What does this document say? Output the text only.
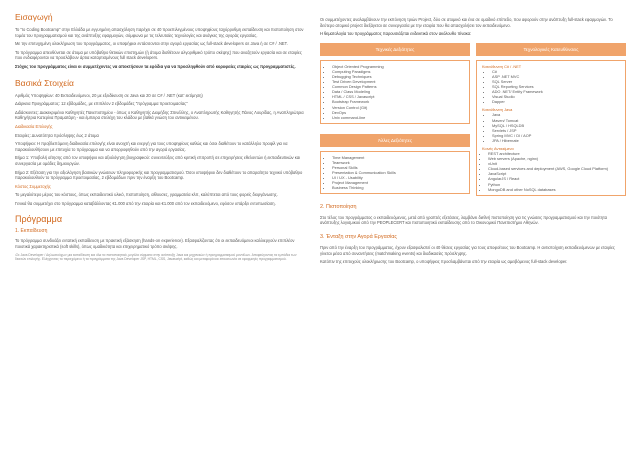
Εισαγωγή

Το "Io Coding Bootcamp" στην Ελλάδα με εγγυημένη απασχόληση παρέχει σε 40 προεπιλεγμένους υποψηφίους ταχύρρυθμη εκπαίδευση και πιστοποίηση στον τομέα του προγραμματισμού και της ανάπτυξης εφαρμογών, σύμφωνα με τις τελευταίες τεχνολογίες και ανάγκες της αγοράς εργασίας.

Με την επιτυχημένη ολοκλήρωση του προγράμματος, οι υποψήφιοι εντάσσονται στην αγορά εργασίας ως full-stack developers σε Java ή σε C# / .NET.

Το πρόγραμμα απευθύνεται σε άτομα με υπόβαθρο θετικών επιστημών (ή άτομα διαθέτουν αλγοριθμικό τρόπο σκέψης) που αναζητούν εργασία και σε εταιρίες που ενδιαφέρονται να προσλάβουν άρτια καταρτισμένους full stack developers.

Στόχος του προγράμματος είναι οι συμμετέχοντες να αποκτήσουν τα εφόδια για να προσληφθούν από κορυφαίες εταιρίες ως προγραμματιστές.

Βασικά Στοιχεία

Αριθμός Υποψηφίων: 40 Εκπαιδευόμενοι, 20 με εξειδίκευση σε Java και 20 σε C# / .NET (κατ' εκτίμηση)

Διάρκεια Προγράμματος: 12 εβδομάδες, με επιπλέον 2 εβδομάδες "πρόγραμμα προετοιμασίας"

Διδάσκοντες: Διακεκριμένοι Καθηγητές Πανεπιστημίου - όπως ο Καθηγητής Διομήδης Σπινέλλης, ο Αναπληρωτής Καθηγητής Πάνος Λουρίδας, η Αναπληρώτρια Καθηγήτρια Κατερίνα Πραματάρη - και έμπειρα στελέχη του κλάδου με βαθιά γνώση του αντικειμένου.

Διαδικασία Επιλογής

Εταιρίες: Δυνατότητα πρόσληψης έως 2 άτομα

Υποψήφιοι: Η προβλεπόμενη διαδικασία επιλογής είναι ανοιχτή και ενεργή για τους υποψηφίους καθώς και όσοι διαθέτουν το κατάλληλο προφίλ για να παρακολουθήσουν με επιτυχία το πρόγραμμα και να απορροφηθούν από την αγορά εργασίας.

Βήμα 1: Υποβολή αίτησης από τον υποψήφιο και αξιολόγηση βιογραφικού: συνεντεύξεις από κριτική επιτροπή σε επιχειρήσεις εθελοντών ή εκπαιδευτικών και συνεργασία με ομάδες δημιουργών.

Βήμα 2: Εξέταση για την αξιολόγηση βασικών γνώσεων πληροφορικής και προγραμματισμού. Όσοι υποψήφιοι δεν διαθέτουν το απαραίτητο τεχνικό υπόβαθρο παρακολουθούν το πρόγραμμα προετοιμασίας, 2 εβδομάδων πριν την έναρξη του Bootcamp.

Κόστος Συμμετοχής

Το μεγαλύτερο μέρος του κόστους, όπως εκπαιδευτικό υλικό, πιστοποίηση, αίθουσες, γραμματεία κλπ, καλύπτεται από τους φορείς διοργάνωσης.

Γενικά θα συμμετέχει στο πρόγραμμα καταβάλλοντας €1.000 από την εταιρία και €1.000 από τον εκπαιδευόμενο, εφόσον υπάρξει εντυπωσίαση.

Πρόγραμμα

1. Εκπαίδευση

Το πρόγραμμα συνδυάζει εντατική εκπαίδευση με πρακτική εξάσκηση (hands-on experience). Εξασφαλίζοντας ότι οι εκπαιδευόμενοι καλλιεργούν επιπλέον ποιοτικά χαρακτηριστικά (soft skills), όπως ομαδικότητα και επιχειρηματικό τρόπο σκέψης.

¹Σε Java Developer / Δηλωσιούχων μια εκπαίδευση και όλα τα πιστοποιητικά, μεγάλα σύρματα στην ανάπτυξη Java και μηχανικών ή προγραμματισμού μοντέλων. Αποφεύγοντας τα εμπόδια των δεικτών επιλογής. Ελέγχοντας το περιεχόμενο ή τα προγράμματα της Java Developer JSP, HTML, CSS, Javascript, καθώς και μεταφορά και επικοινωνία σε εφαρμογές προγραμματισμού.

Οι συμμετέχοντες αναλαμβάνουν την εκπόνηση τριών Project, δύο σε ατομικό και ένα σε ομαδικό επίπεδο, που αφορούν στην ανάπτυξη full-stack εφαρμογών. Το δεύτερο ατομικό project διεξάγεται σε συνεργασία με την εταιρία που θα απασχολήσει τον εκπαιδευόμενο.

Η θεματολογία του προγράμματος παρουσιάζεται ενδεικτικά στον ακόλουθο πίνακα:

Τεχνικές Δεξιότητες
• Object Oriented Programming
• Computing Paradigms
• Debugging Techniques
• Test Driven Development
• Common Design Patterns
• Data / Class Modeling
• HTML / CSS / Javascript
• Bootstrap Framework
• Version Control (Git)
• DevOps
• Unix command-line
Άλλες Δεξιότητες
• Time Management
• Teamwork
• Personal Skills
• Presentation & Communication Skills
• UI / UX - Usability
• Project Management
• Business Thinking
Τεχνολογικές Κατευθύνσεις
Κατεύθυνση C# / .NET
• C#
• ASP .NET MVC
• SQL Server
• SQL Reporting Services
• ADO .NET/ Entity Framework
• Visual Studio
• Dapper
Κατεύθυνση Java
• Java
• Maven/ Tomcat
• MySQL / HSQLDB
• Servlets / JSP
• Spring MVC / DI / AOP
• JPA / Hibernate
Κοινές Αντικείμενα
• REST architecture
• Web servers (Apache, nginx)
• xUnit
• Cloud-based services and deployment (AWS, Google Cloud Platform)
• JavaScript
• AngularJS / React
• Python
• MongoDB and other NoSQL databases
2. Πιστοποίηση

Στο τέλος του προγράμματος ο εκπαιδευόμενος, μετά από γραπτές εξετάσεις, λαμβάνει διεθνή πιστοποίηση για τις γνώσεις προγραμματισμού και την ποιότητα ανάπτυξης λογισμικού από την PEOPLECERT και πιστοποιητικό εκπαίδευσης από το Οικονομικό Πανεπιστήμιο Αθηνών.

3. Ένταξη στην Αγορά Εργασίας

Πριν από την έναρξη του προγράμματος, έχουν εξασφαλιστεί οι 40 θέσεις εργασίας για τους αποφοίτους του Bootcamp. Η αντιστοίχιση εκπαιδευόμενων με εταιρίες γίνεται μέσα από συναντήσεις (matchmaking events) και διαδικασίες πρόσληψης.

Κατόπιν της επιτυχούς ολοκλήρωσης του Bootcamp, ο υποψήφιος προσλαμβάνεται από την εταιρία ως αμειβόμενος full-stack developer.
